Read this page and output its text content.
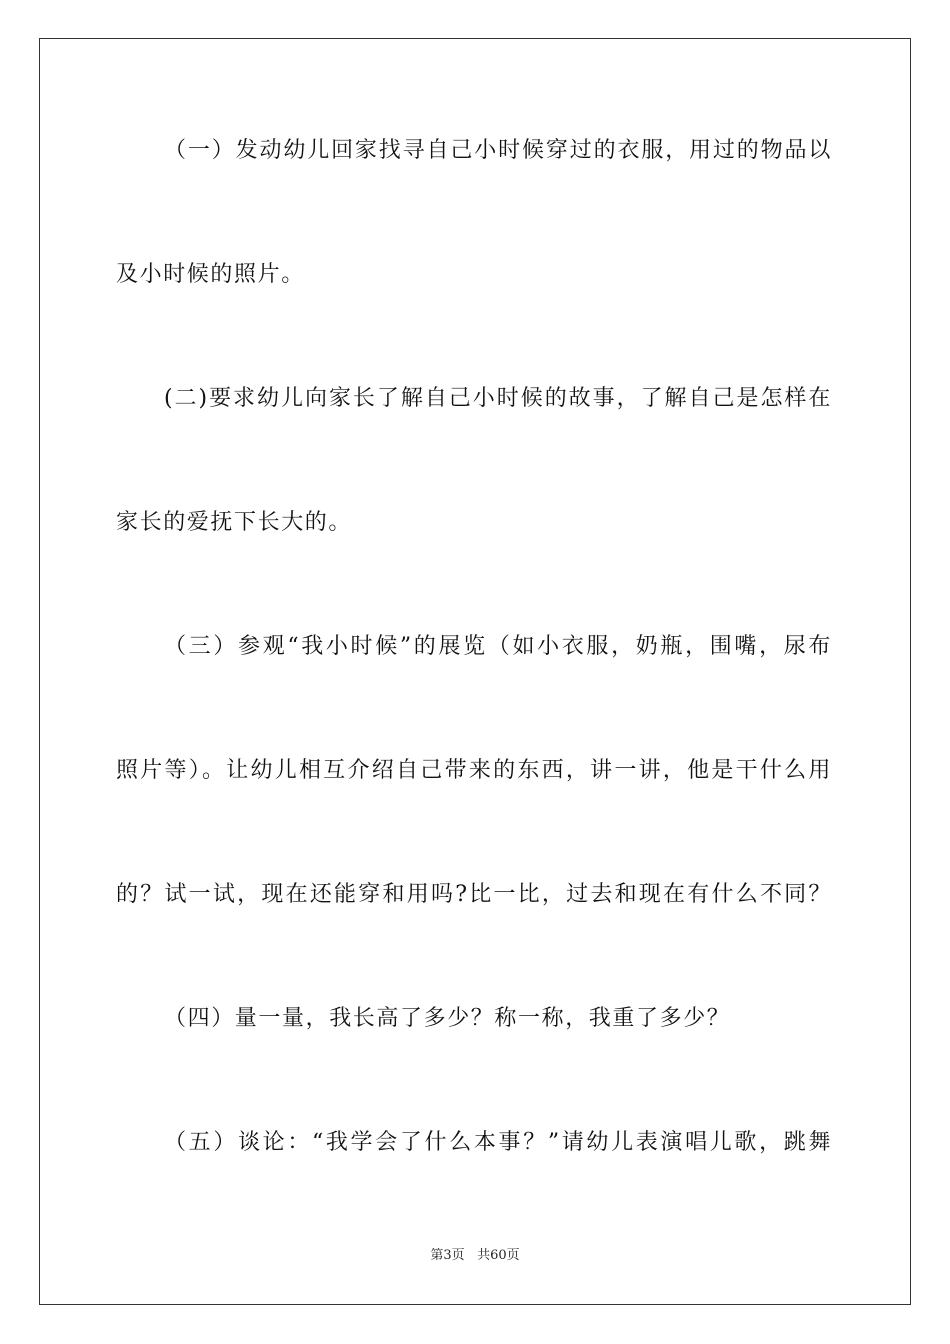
（一）发动幼儿回家找寻自己小时候穿过的衣服，用过的物品以
及小时候的照片。
(二)要求幼儿向家长了解自己小时候的故事，了解自己是怎样在
家长的爱抚下长大的。
（三）参观“我小时候”的展览（如小衣服，奶瓶，围嘴，尿布
照片等）。让幼儿相互介绍自己带来的东西，讲一讲，他是干什么用
的？试一试，现在还能穿和用吗?比一比，过去和现在有什么不同？
（四）量一量，我长高了多少？称一称，我重了多少？
（五）谈论：“我学会了什么本事？”请幼儿表演唱儿歌，跳舞
第3页 共60页
